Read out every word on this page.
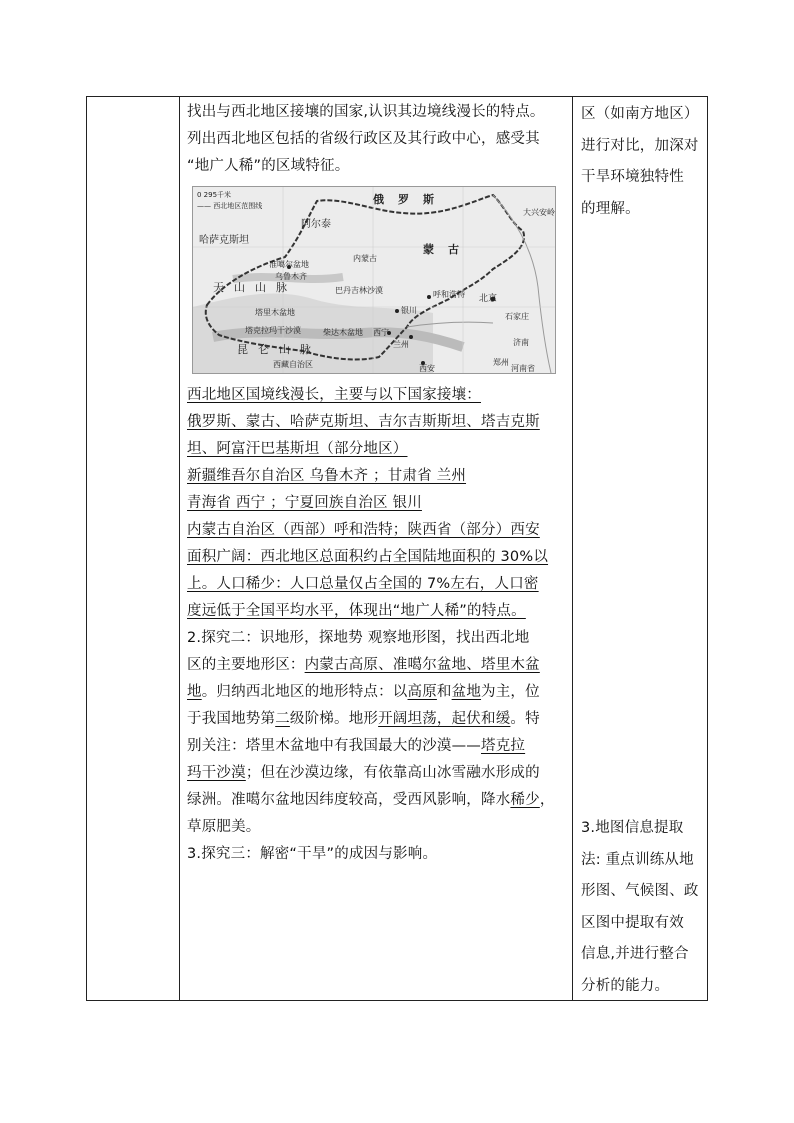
找出与西北地区接壤的国家,认识其边境线漫长的特点。

列出西北地区包括的省级行政区及其行政中心，感受其

“地广人稀”的区域特征。

0 295千米
—— 西北地区范围线	俄罗斯
蒙古
哈萨克斯坦
阿尔泰
准噶尔盆地
乌鲁木齐
天山山脉
塔里木盆地
塔克拉玛干沙漠
昆仑山脉
柴达木盆地
巴丹吉林沙漠	呼和浩特 北京
银川
兰州
西宁
西安
石家庄
济南
郑州
大兴安岭
西藏自治区
内蒙古
河南省

西北地区国境线漫长，主要与以下国家接壤：

俄罗斯、蒙古、哈萨克斯坦、吉尔吉斯斯坦、塔吉克斯

坦、阿富汗巴基斯坦（部分地区）

新疆维吾尔自治区 乌鲁木齐 ；甘肃省 兰州

青海省 西宁 ；宁夏回族自治区 银川

内蒙古自治区（西部）呼和浩特；陕西省（部分）西安

面积广阔：西北地区总面积约占全国陆地面积的 30%以

上。人口稀少：人口总量仅占全国的 7%左右，人口密

度远低于全国平均水平，体现出“地广人稀”的特点。

2.探究二：识地形，探地势 观察地形图，找出西北地

区的主要地形区：内蒙古高原、准噶尔盆地、塔里木盆

地。归纳西北地区的地形特点：以高原和盆地为主，位

于我国地势第二级阶梯。地形开阔坦荡，起伏和缓。特

别关注：塔里木盆地中有我国最大的沙漠——塔克拉

玛干沙漠；但在沙漠边缘，有依靠高山冰雪融水形成的

绿洲。准噶尔盆地因纬度较高，受西风影响，降水稀少，

草原肥美。

3.探究三：解密“干旱”的成因与影响。

区（如南方地区）

进行对比，加深对

干旱环境独特性

的理解。

3.地图信息提取

法: 重点训练从地

形图、气候图、政

区图中提取有效

信息,并进行整合

分析的能力。
